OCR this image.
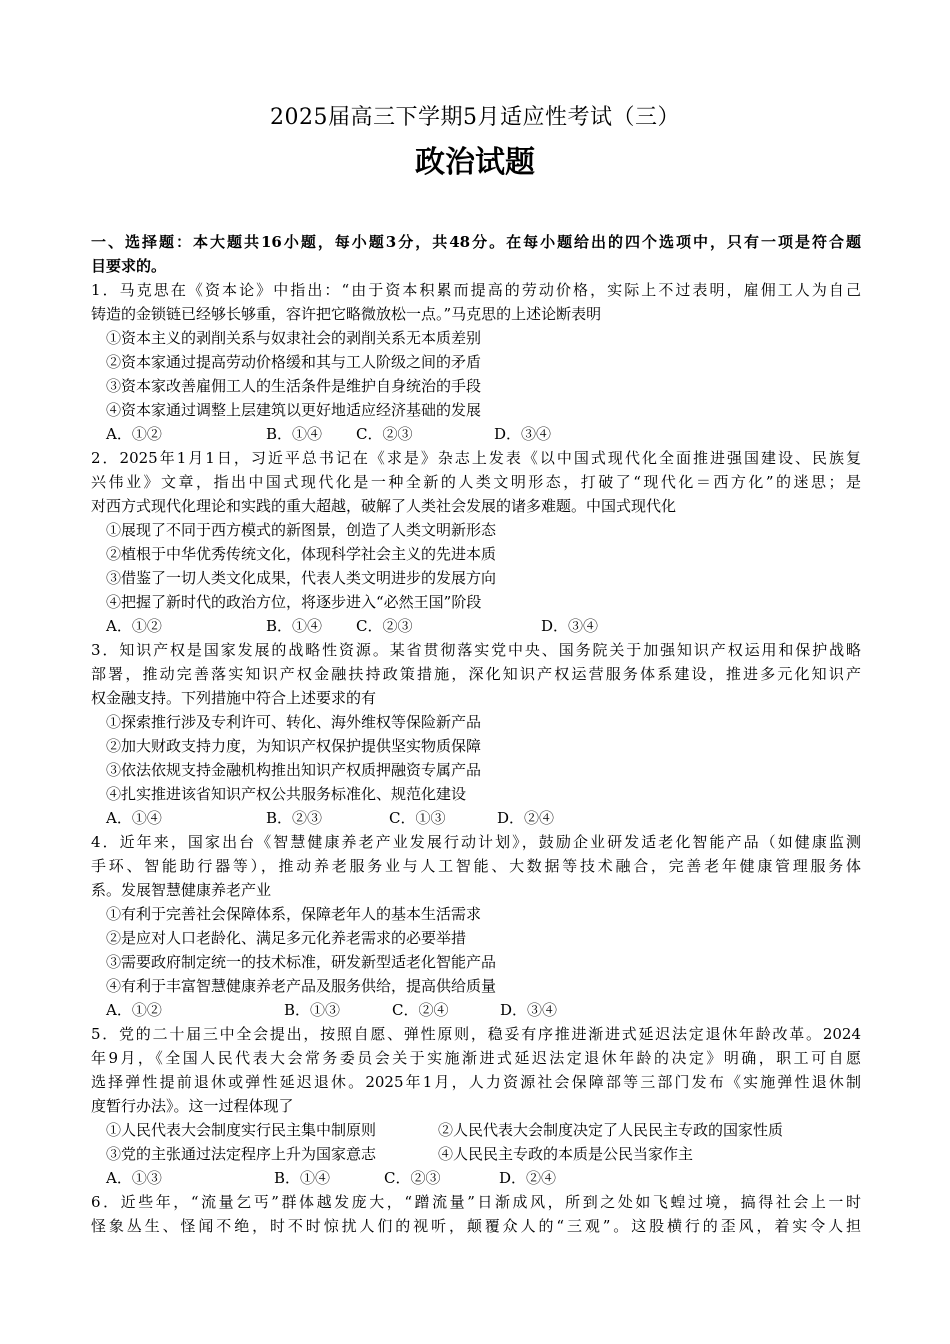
2025届高三下学期5月适应性考试（三）
政治试题
一、选择题：本大题共16小题，每小题3分，共48分。在每小题给出的四个选项中，只有一项是符合题
目要求的。
1．马克思在《资本论》中指出：“由于资本积累而提高的劳动价格，实际上不过表明，雇佣工人为自己
铸造的金锁链已经够长够重，容许把它略微放松一点。”马克思的上述论断表明
①资本主义的剥削关系与奴隶社会的剥削关系无本质差别
②资本家通过提高劳动价格缓和其与工人阶级之间的矛盾
③资本家改善雇佣工人的生活条件是维护自身统治的手段
④资本家通过调整上层建筑以更好地适应经济基础的发展
A．①②	B．①④	C．②③	D．③④
2．2025年1月1日，习近平总书记在《求是》杂志上发表《以中国式现代化全面推进强国建设、民族复
兴伟业》文章，指出中国式现代化是一种全新的人类文明形态，打破了“现代化＝西方化”的迷思；是
对西方式现代化理论和实践的重大超越，破解了人类社会发展的诸多难题。中国式现代化
①展现了不同于西方模式的新图景，创造了人类文明新形态
②植根于中华优秀传统文化，体现科学社会主义的先进本质
③借鉴了一切人类文化成果，代表人类文明进步的发展方向
④把握了新时代的政治方位，将逐步进入“必然王国”阶段
A．①②	B．①④	C．②③	D．③④
3．知识产权是国家发展的战略性资源。某省贯彻落实党中央、国务院关于加强知识产权运用和保护战略
部署，推动完善落实知识产权金融扶持政策措施，深化知识产权运营服务体系建设，推进多元化知识产
权金融支持。下列措施中符合上述要求的有
①探索推行涉及专利许可、转化、海外维权等保险新产品
②加大财政支持力度，为知识产权保护提供坚实物质保障
③依法依规支持金融机构推出知识产权质押融资专属产品
④扎实推进该省知识产权公共服务标准化、规范化建设
A．①④	B．②③	C．①③	D．②④
4．近年来，国家出台《智慧健康养老产业发展行动计划》，鼓励企业研发适老化智能产品（如健康监测
手环、智能助行器等），推动养老服务业与人工智能、大数据等技术融合，完善老年健康管理服务体
系。发展智慧健康养老产业
①有利于完善社会保障体系，保障老年人的基本生活需求
②是应对人口老龄化、满足多元化养老需求的必要举措
③需要政府制定统一的技术标准，研发新型适老化智能产品
④有利于丰富智慧健康养老产品及服务供给，提高供给质量
A．①②	B．①③	C．②④	D．③④
5．党的二十届三中全会提出，按照自愿、弹性原则，稳妥有序推进渐进式延迟法定退休年龄改革。2024
年9月，《全国人民代表大会常务委员会关于实施渐进式延迟法定退休年龄的决定》明确，职工可自愿
选择弹性提前退休或弹性延迟退休。2025年1月，人力资源社会保障部等三部门发布《实施弹性退休制
度暂行办法》。这一过程体现了
①人民代表大会制度实行民主集中制原则	②人民代表大会制度决定了人民民主专政的国家性质
③党的主张通过法定程序上升为国家意志	④人民民主专政的本质是公民当家作主
A．①③	B．①④	C．②③	D．②④
6．近些年，“流量乞丐”群体越发庞大，“蹭流量”日渐成风，所到之处如飞蝗过境，搞得社会上一时
怪象丛生、怪闻不绝，时不时惊扰人们的视听，颠覆众人的“三观”。这股横行的歪风，着实令人担
